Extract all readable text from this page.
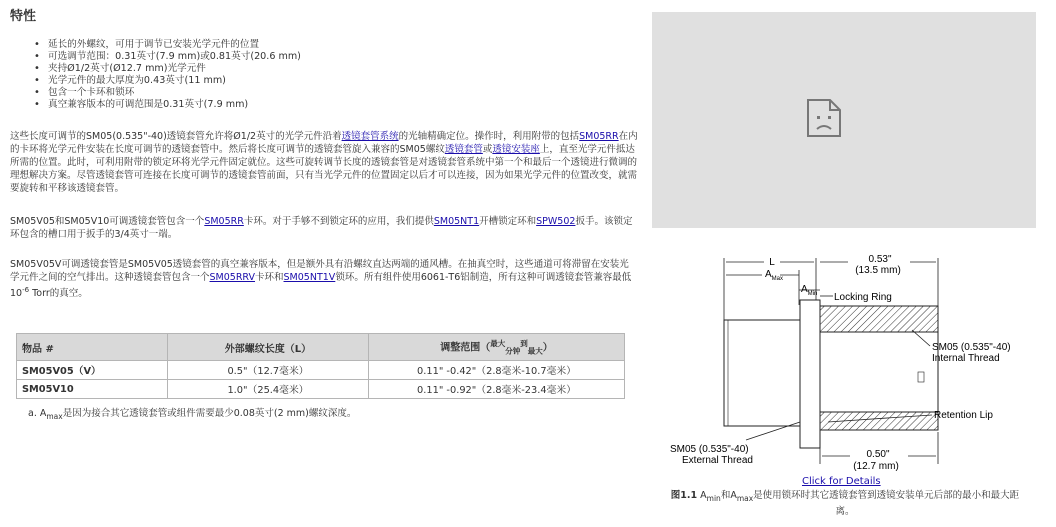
特性
• 延长的外螺纹，可用于调节已安装光学元件的位置
• 可选调节范围：0.31英寸(7.9 mm)或0.81英寸(20.6 mm)
• 夹持Ø1/2英寸(Ø12.7 mm)光学元件
• 光学元件的最大厚度为0.43英寸(11 mm)
• 包含一个卡环和锁环
• 真空兼容版本的可调范围是0.31英寸(7.9 mm)

这些长度可调节的SM05(0.535"-40)透镜套管允许将Ø1/2英寸的光学元件沿着透镜套管系统的光轴精确定位。操作时，利用附带的包括SM05RR在内的卡环将光学元件安装在长度可调节的透镜套管中。然后将长度可调节的透镜套管旋入兼容的SM05螺纹透镜套管或透镜安装座上，直至光学元件抵达所需的位置。此时，可利用附带的锁定环将光学元件固定就位。这些可旋转调节长度的透镜套管是对透镜套管系统中第一个和最后一个透镜进行微调的理想解决方案。尽管透镜套管可连接在长度可调节的透镜套管前面，只有当光学元件的位置固定以后才可以连接，因为如果光学元件的位置改变，就需要旋转和平移该透镜套管。

SM05V05和SM05V10可调透镜套管包含一个SM05RR卡环。对于手够不到锁定环的应用，我们提供SM05NT1开槽锁定环和SPW502扳手。该锁定环包含的槽口用于扳手的3/4英寸一端。

SM05V05V可调透镜套管是SM05V05透镜套管的真空兼容版本，但是额外具有沿螺纹直达两端的通风槽。在抽真空时，这些通道可将滞留在安装光学元件之间的空气排出。这种透镜套管包含一个SM05RRV卡环和SM05NT1V锁环。所有组件使用6061-T6铝制造，所有这种可调透镜套管兼容最低$10^{-6}$ Torr的真空。

物品 #	外部螺纹长度（L）	调整范围（$^{最大}_{分钟}^到_{最大}$）
SM05V05（V）	0.5"（12.7毫米）	0.11" -0.42"（2.8毫米-10.7毫米）
SM05V10	1.0"（25.4毫米）	0.11" -0.92"（2.8毫米-23.4毫米）
a. $A_{max}$是因为接合其它透镜套管或组件需要最少0.08英寸(2 mm)螺纹深度。
L
$A_{Max}$
$A_{Min}$
0.53"
(13.5 mm)
Locking Ring
SM05 (0.535"-40)
Internal Thread
Retention Lip
SM05 (0.535"-40)
External Thread
0.50"
(12.7 mm)
Click for Details
图1.1 $A_{min}$和$A_{max}$是使用锁环时其它透镜套管到透镜安装单元后部的最小和最大距离。
